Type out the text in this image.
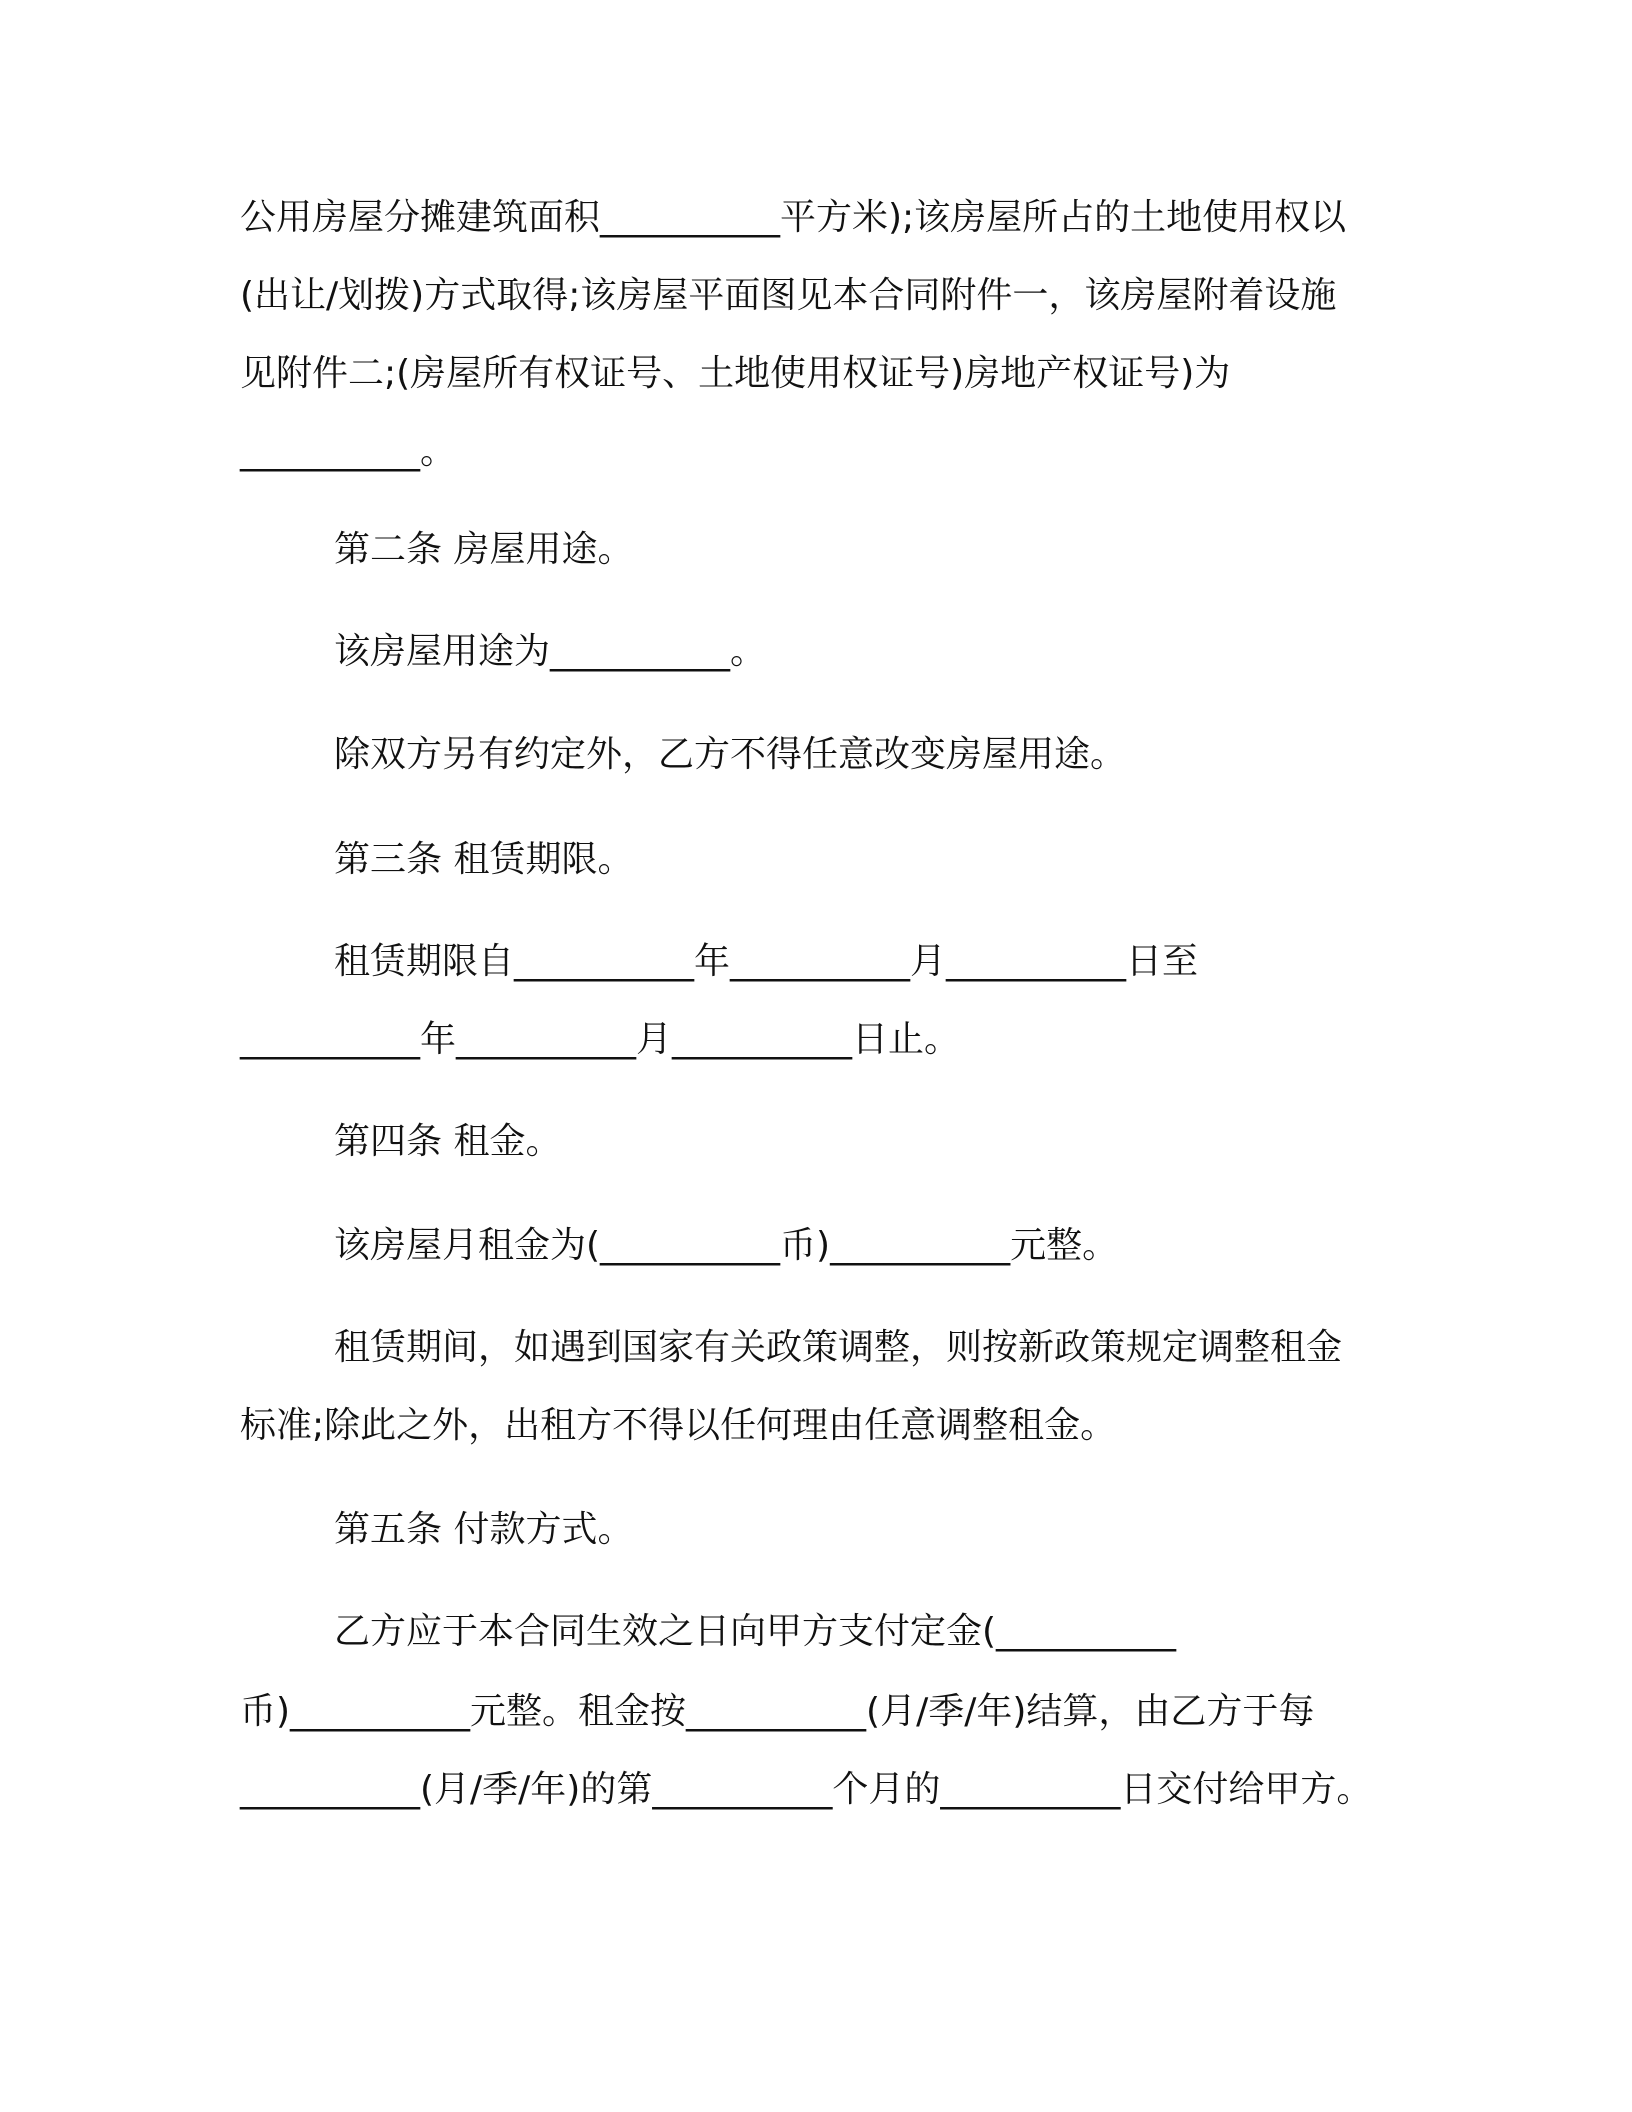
公用房屋分摊建筑面积__________平方米);该房屋所占的土地使用权以
(出让/划拨)方式取得;该房屋平面图见本合同附件一，该房屋附着设施
见附件二;(房屋所有权证号、土地使用权证号)房地产权证号)为
__________。
第二条 房屋用途。
该房屋用途为__________。
除双方另有约定外，乙方不得任意改变房屋用途。
第三条 租赁期限。
租赁期限自__________年__________月__________日至
__________年__________月__________日止。
第四条 租金。
该房屋月租金为(__________币)__________元整。
租赁期间，如遇到国家有关政策调整，则按新政策规定调整租金
标准;除此之外，出租方不得以任何理由任意调整租金。
第五条 付款方式。
乙方应于本合同生效之日向甲方支付定金(__________
币)__________元整。租金按__________(月/季/年)结算，由乙方于每
__________(月/季/年)的第__________个月的__________日交付给甲方。
